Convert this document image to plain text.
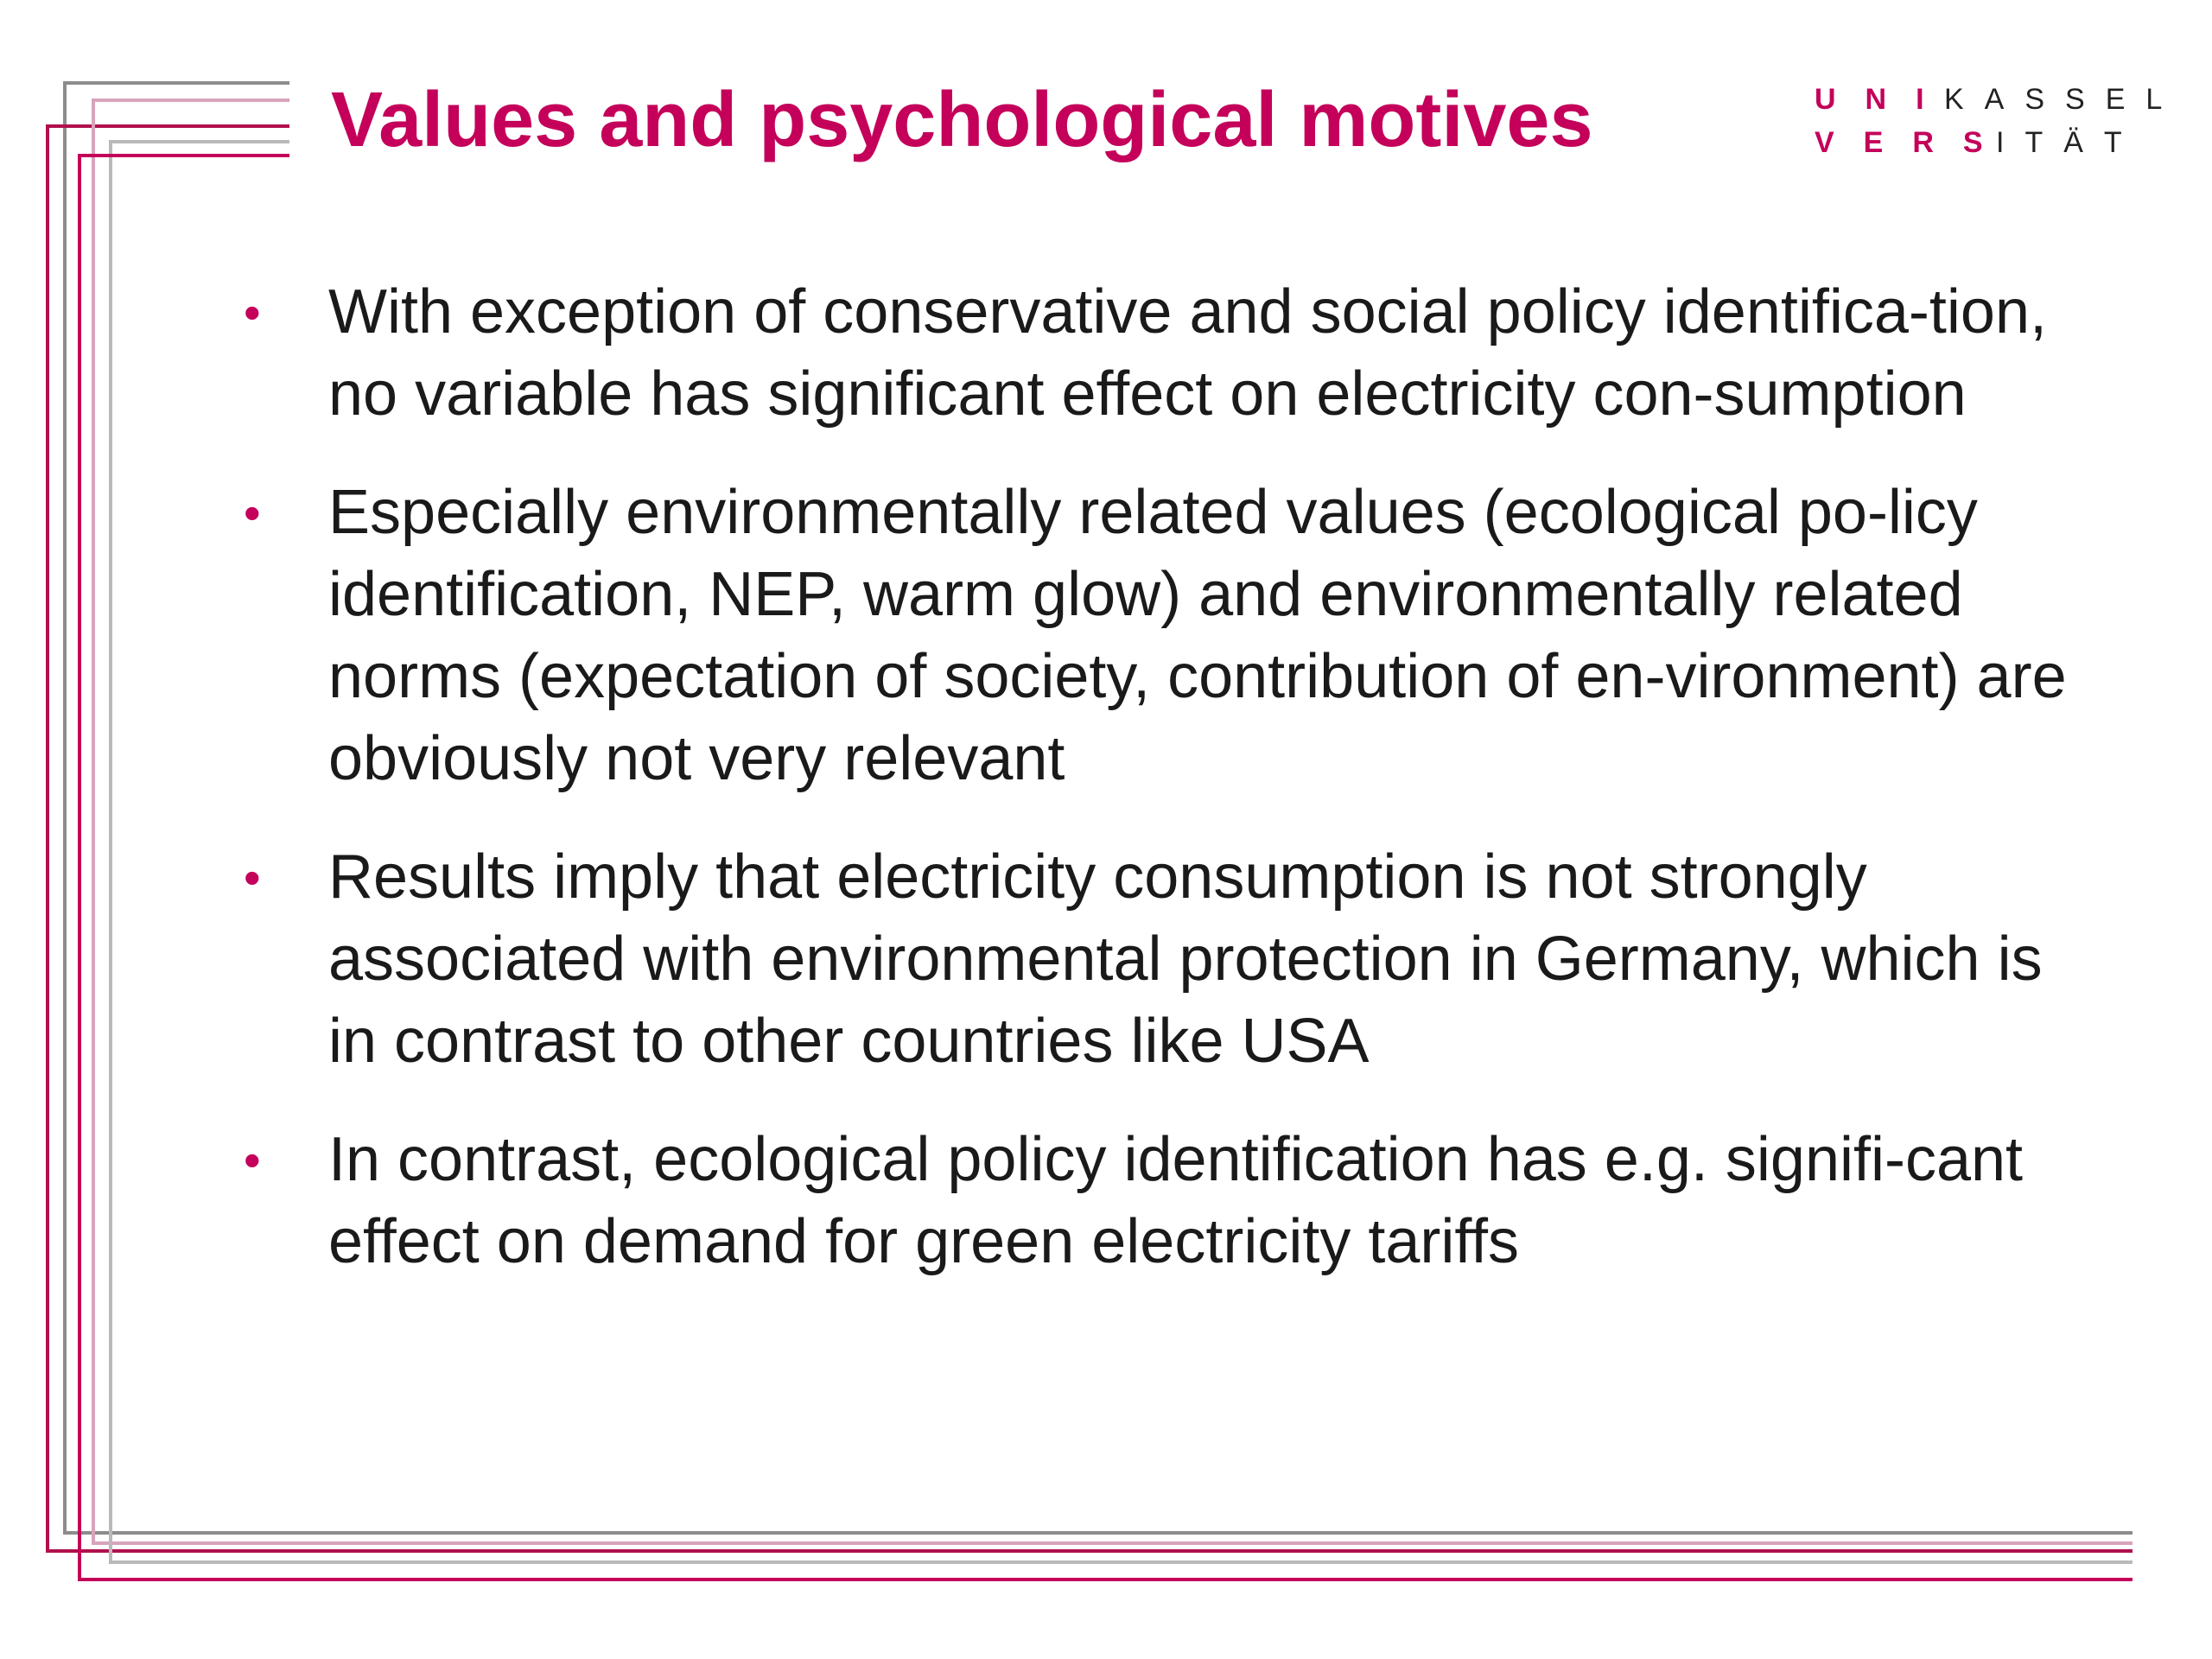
Values and psychological motives	UNI
KASSEL
VERS
ITÄT
• With exception of conservative and social policy identifica-tion, no variable has significant effect on electricity con-sumption
• Especially environmentally related values (ecological po-licy identification, NEP, warm glow) and environmentally related norms (expectation of society, contribution of en-vironment) are obviously not very relevant
• Results imply that electricity consumption is not strongly associated with environmental protection in Germany, which is in contrast to other countries like USA
• In contrast, ecological policy identification has e.g. signifi-cant effect on demand for green electricity tariffs
